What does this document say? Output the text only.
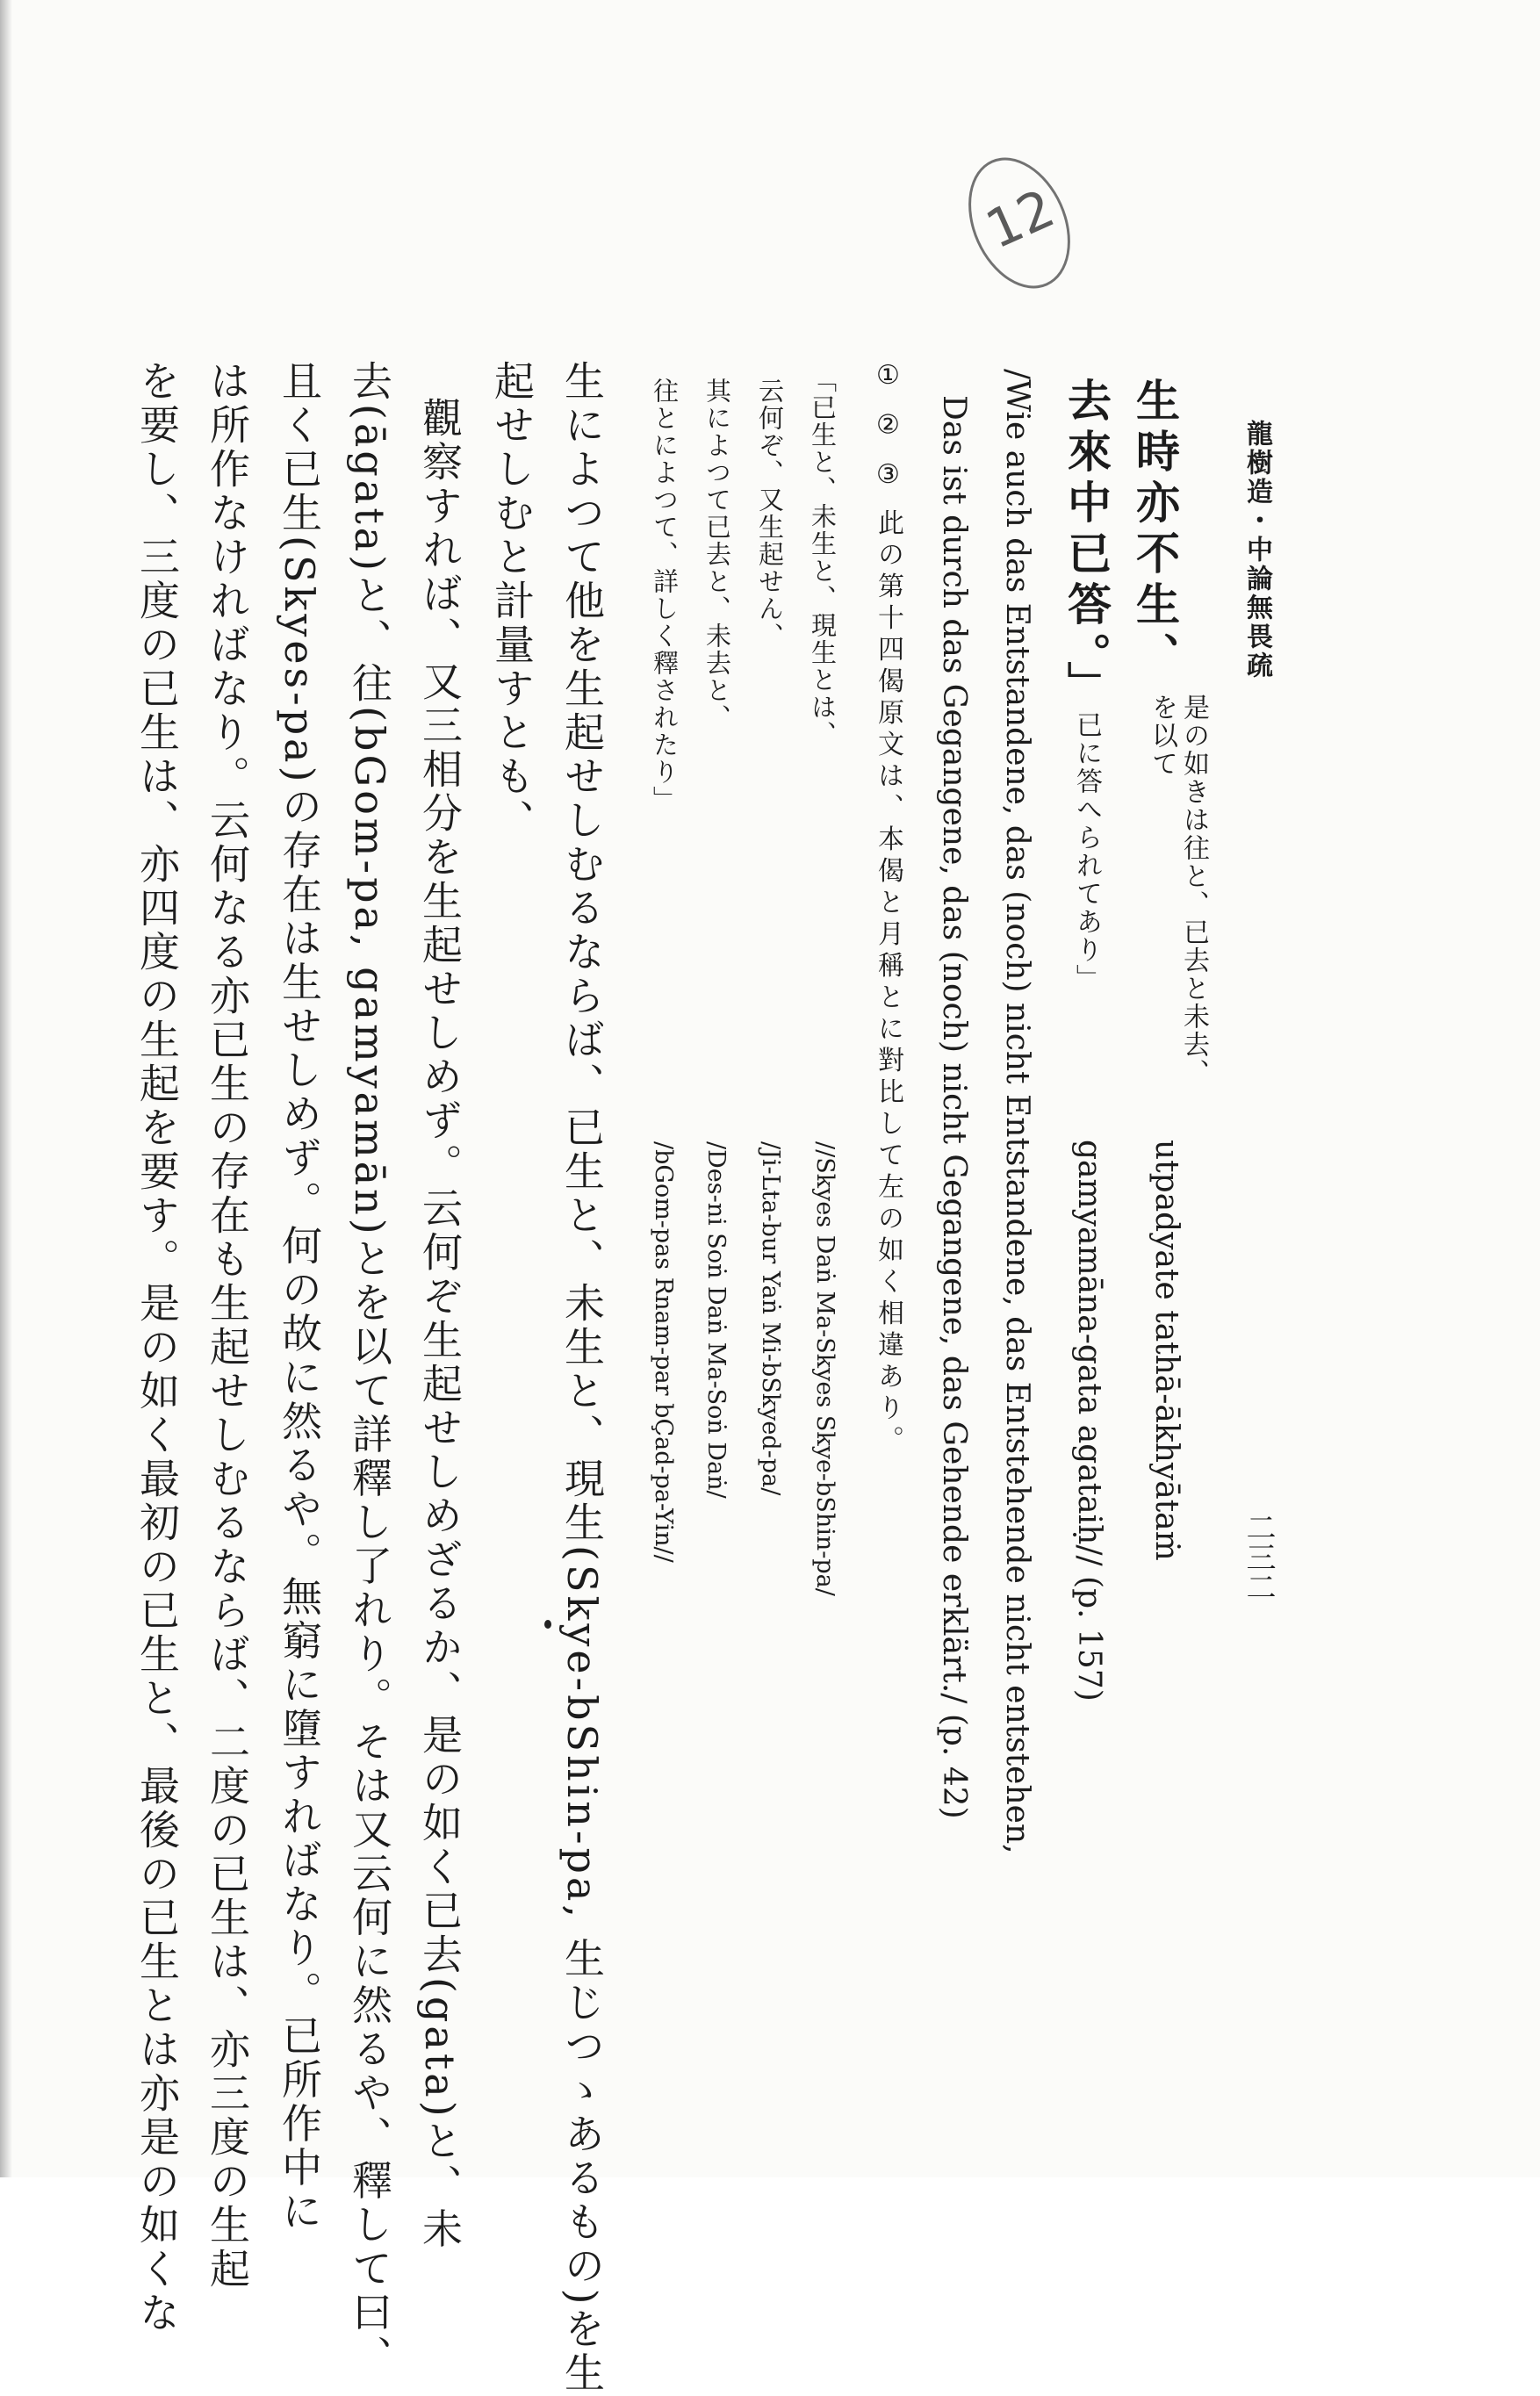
龍樹造・中論無畏疏
二三二
12
生時亦不生、
是の如きは往と、已去と未去、
を以て
utpadyate tathā-ākhyātaṁ
去來中已答。」
已に答へられてあり」
gamyamāna-gata agataiḥ// (p. 157)
/Wie auch das Entstandene, das (noch) nicht Entstandene, das Entstehende nicht entstehen,
Das ist durch das Gegangene, das (noch) nicht Gegangene, das Gehende erklärt./ (p. 42)
① ② ③ 此の第十四偈原文は、本偈と月稱とに對比して左の如く相違あり。
「已生と、未生と、現生とは、
//Skyes Daṅ Ma-Skyes Skye-bShin-pa/
云何ぞ、又生起せん、
/Ji-Lta-bur Yaṅ Mi-bSkyed-pa/
其によつて已去と、未去と、
/Des-ni Soṅ Daṅ Ma-Soṅ Daṅ/
往とによつて、詳しく釋されたり」
/bGom-pas Rnam-par bÇad-pa-Yin//
生によつて他を生起せしむるならば、已生と、未生と、現生(Skye-bShin-pa, 生じつゝあるもの)を生
起せしむと計量すとも、
觀察すれば、又三相分を生起せしめず。云何ぞ生起せしめざるか、是の如く已去(gata)と、未
去(āgata)と、往(bGom-pa, gamyamān)とを以て詳釋し了れり。そは又云何に然るや、釋して曰、
且く已生(Skyes-pa)の存在は生せしめず。何の故に然るや。無窮に墮すればなり。已所作中に
は所作なければなり。云何なる亦已生の存在も生起せしむるならば、二度の已生は、亦三度の生起
を要し、三度の已生は、亦四度の生起を要す。是の如く最初の已生と、最後の已生とは亦是の如くな
